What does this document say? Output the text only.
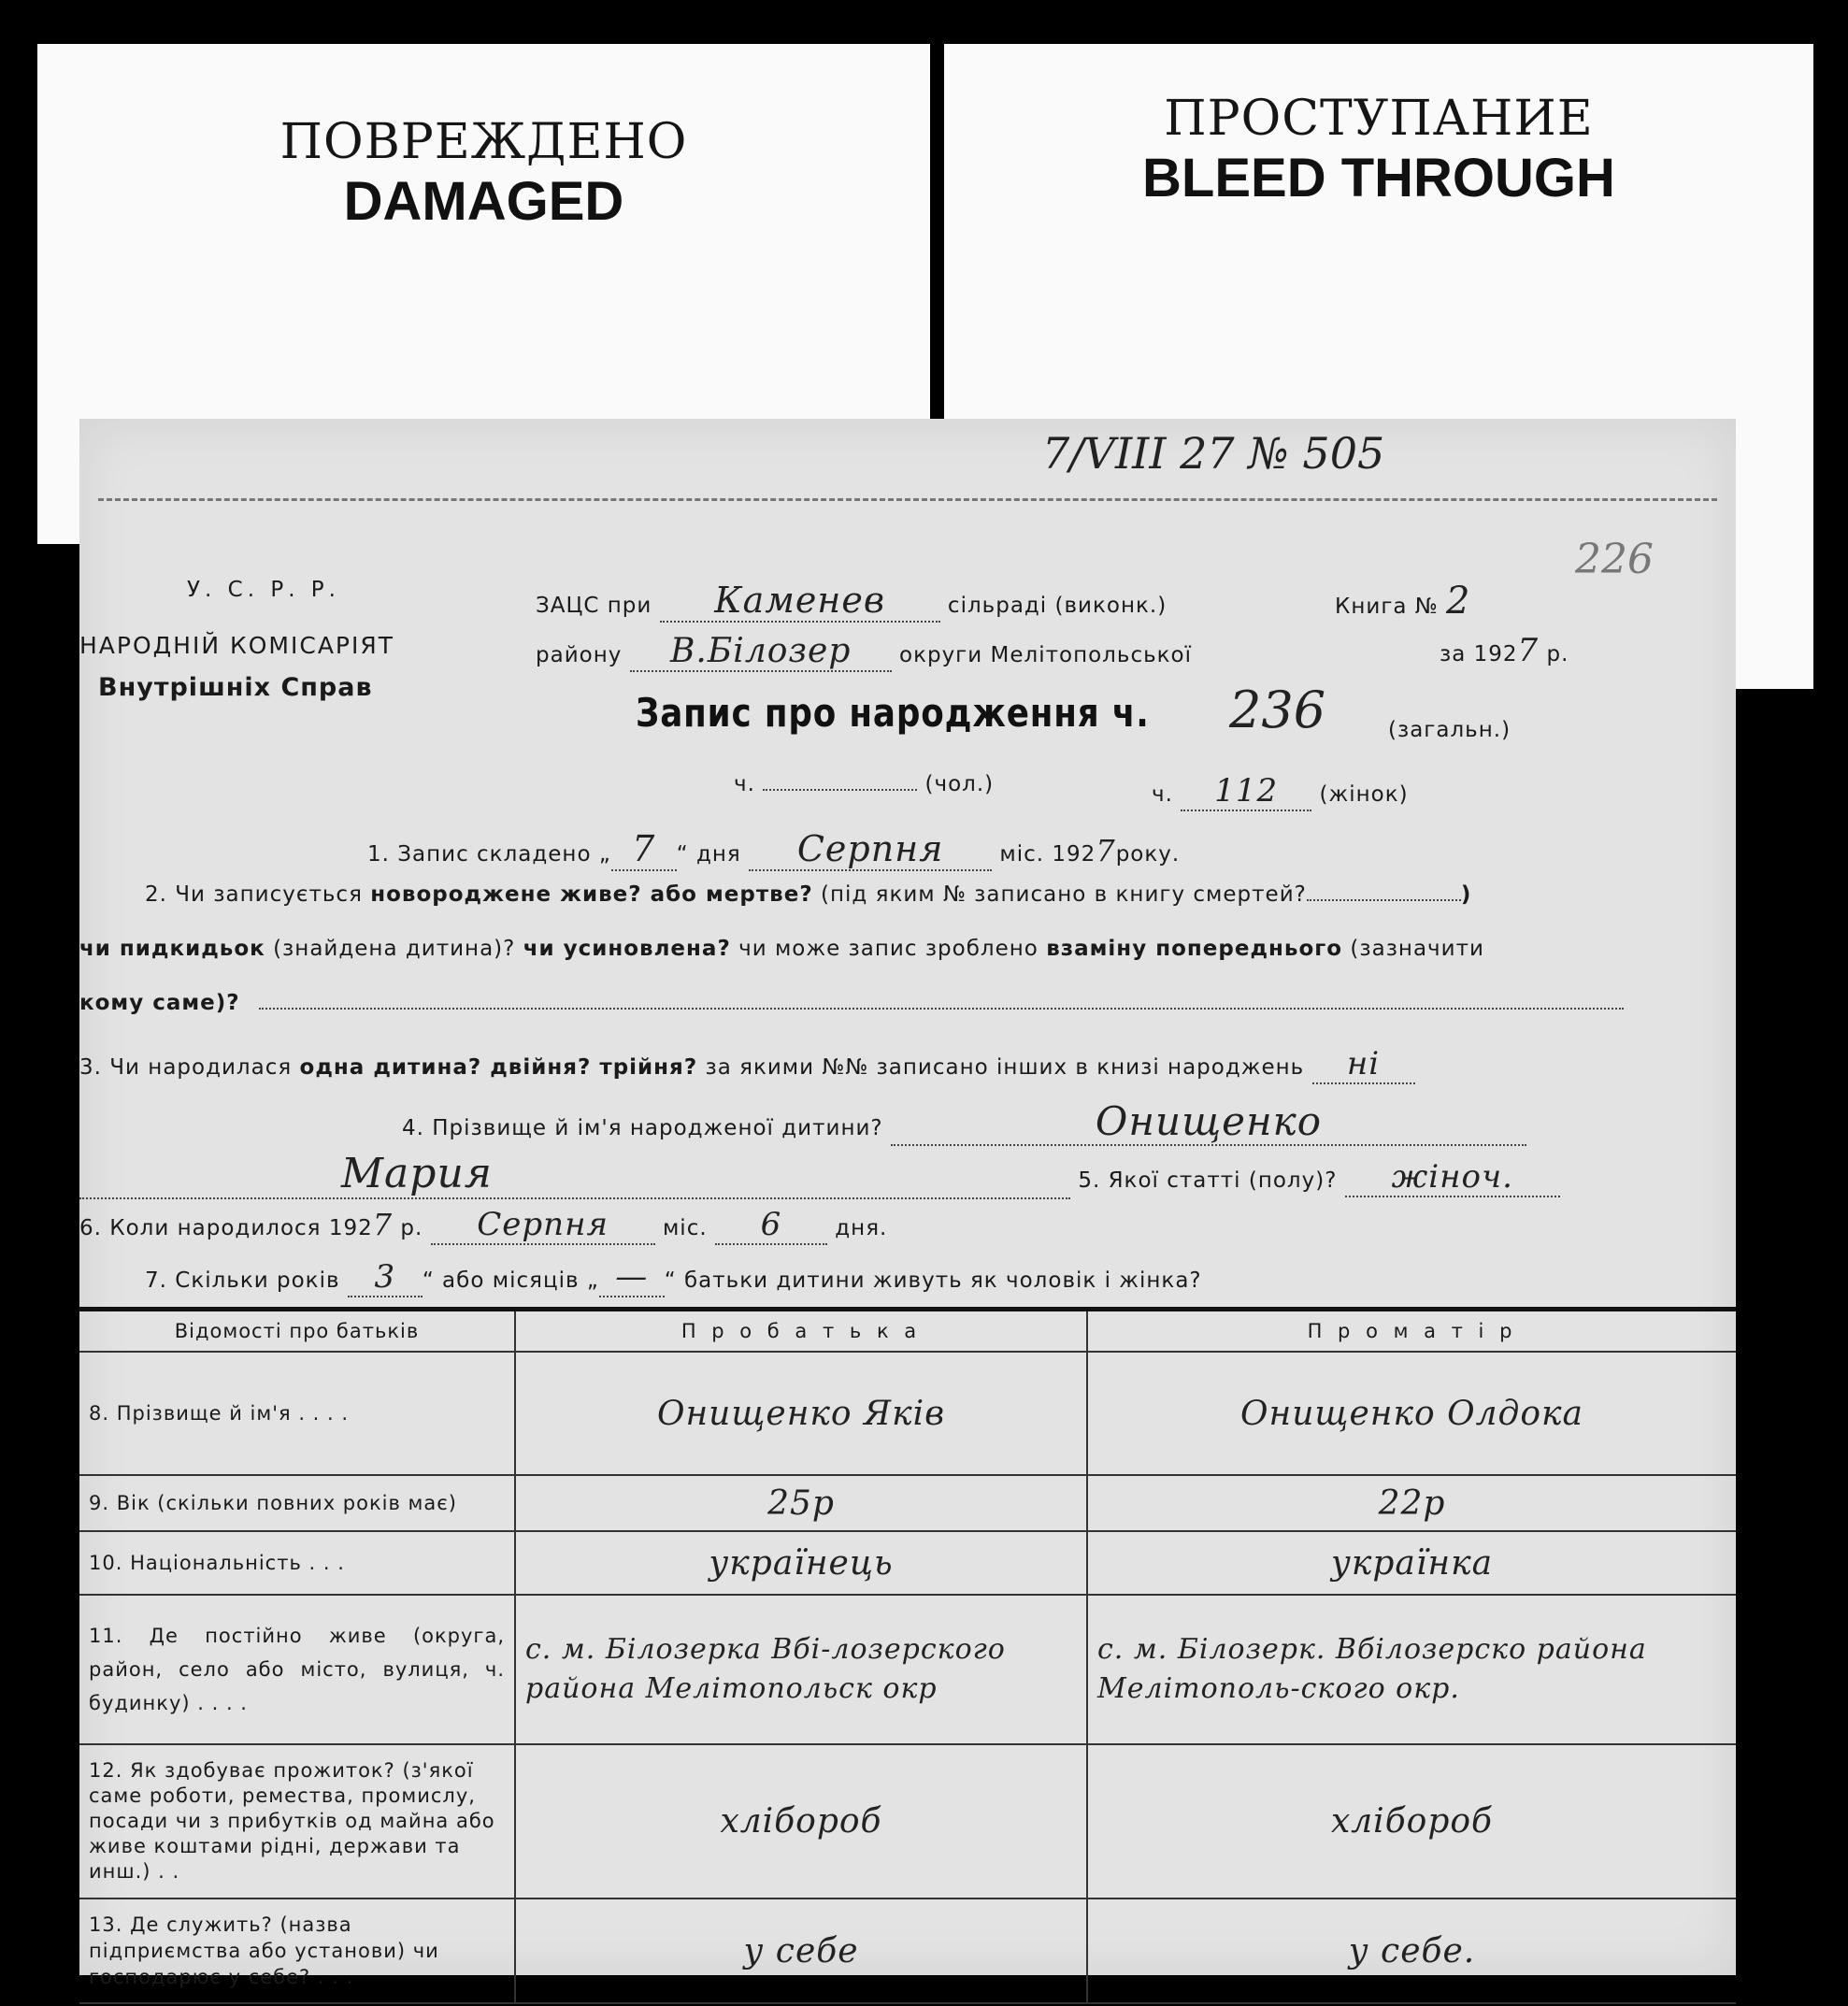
ПОВРЕЖДЕНО
DAMAGED
ПРОСТУПАНИЕ
BLEED THROUGH
7/VIII 27 № 505
226
У. С. Р. Р.
НАРОДНІЙ КОМІСАРІЯТ
Внутрішніх Справ
ЗАЦС при Каменев	сільраді (виконк.)	Книга № 2
району В.Білозер округи Мелітопольської	за 1927 р.
Запис про народження ч. 236	(загальн.)
ч.	(чол.)	ч. 112 (жінок)
1. Запис складено „ 7 “ дня Серпня	міс. 1927року.
2. Чи записується новороджене живе? або мертве? (під яким № записано в книгу смертей?	)
чи пидкидьок (знайдена дитина)? чи усиновлена? чи може запис зроблено взаміну попереднього (зазначити
кому саме)?
3. Чи народилася одна дитина? двійня? трійня? за якими №№ записано інших в книзі народжень ні
4. Прізвище й ім'я народженої дитини?	Онищенко
Мария	5. Якої статті (полу)? жіноч.
6. Коли народилося 1927 р. Серпня	міс. 6 дня.
7. Скільки років 3 “ або місяців „ — “ батьки дитини живуть як чоловік і жінка?
Відомості про батьків	П р о б а т ь к а	П р о м а т і р
8. Прізвище й ім'я . . . .	Онищенко Яків	Онищенко Олдока
9. Вік (скільки повних років має)	25р	22р
10. Національність . . .	українець	українка
11. Де постійно живе (округа, район, село або місто, вулиця, ч. будинку) . . . .	с. м. Білозерка Вбі-лозерского района Мелітопольск окр	с. м. Білозерк. Вбілозерско района Мелітополь-ского окр.
12. Як здобуває прожиток? (з'якої саме роботи, ремества, промислу, посади чи з прибутків од майна або живе коштами рідні, держави та инш.) . .	хлібороб	хлібороб
13. Де служить? (назва підприємства або установи) чи господарює у себе? . . .	у себе	у себе.
